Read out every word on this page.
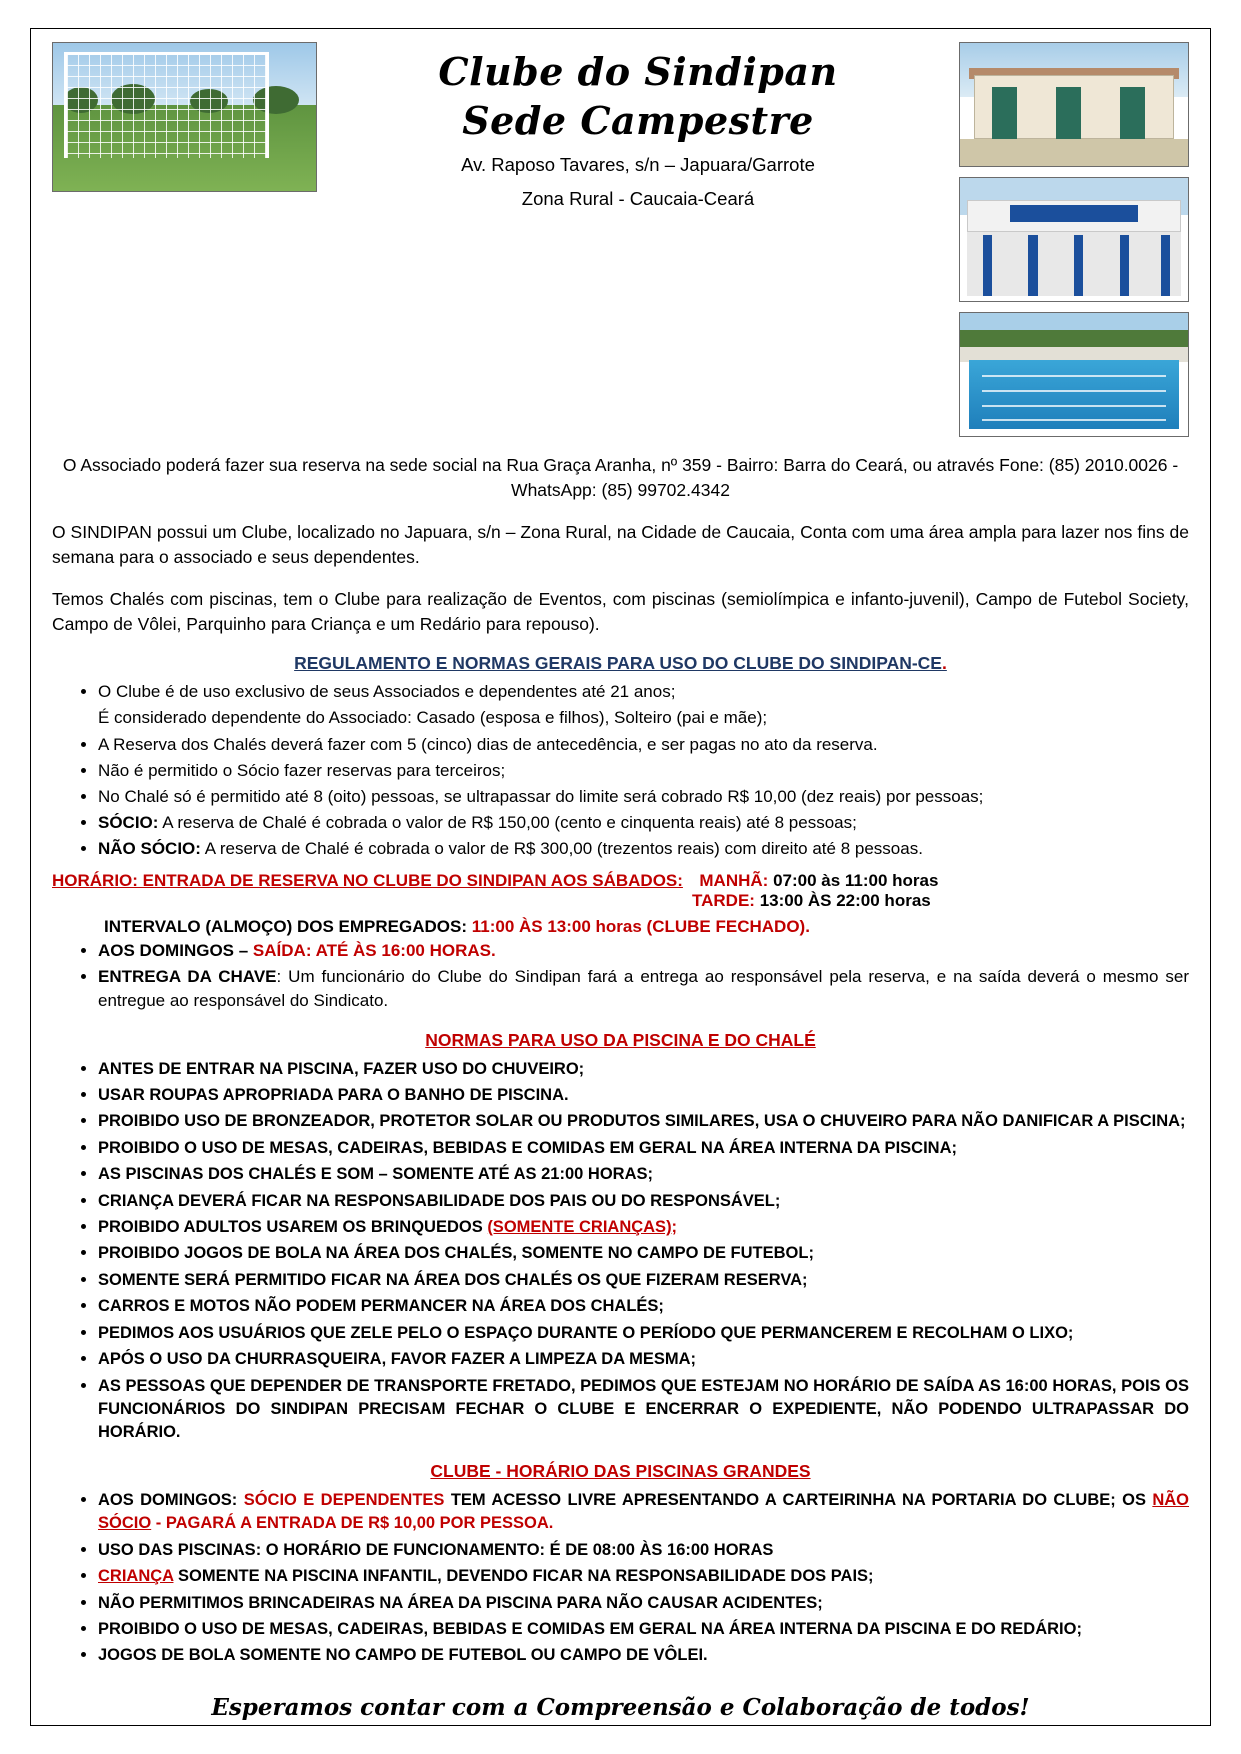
Clube do Sindipan
Sede Campestre
Av. Raposo Tavares, s/n – Japuara/Garrote
Zona Rural - Caucaia-Ceará

O Associado poderá fazer sua reserva na sede social na Rua Graça Aranha, nº 359 - Bairro: Barra do Ceará, ou através Fone: (85) 2010.0026 - WhatsApp: (85) 99702.4342

O SINDIPAN possui um Clube, localizado no Japuara, s/n – Zona Rural, na Cidade de Caucaia, Conta com uma área ampla para lazer nos fins de semana para o associado e seus dependentes.

Temos Chalés com piscinas, tem o Clube para realização de Eventos, com piscinas (semiolímpica e infanto-juvenil), Campo de Futebol Society, Campo de Vôlei, Parquinho para Criança e um Redário para repouso).

REGULAMENTO E NORMAS GERAIS PARA USO DO CLUBE DO SINDIPAN-CE.
• O Clube é de uso exclusivo de seus Associados e dependentes até 21 anos;
É considerado dependente do Associado: Casado (esposa e filhos), Solteiro (pai e mãe);
• A Reserva dos Chalés deverá fazer com 5 (cinco) dias de antecedência, e ser pagas no ato da reserva.
• Não é permitido o Sócio fazer reservas para terceiros;
• No Chalé só é permitido até 8 (oito) pessoas, se ultrapassar do limite será cobrado R$ 10,00 (dez reais) por pessoas;
• SÓCIO: A reserva de Chalé é cobrada o valor de R$ 150,00 (cento e cinquenta reais) até 8 pessoas;
• NÃO SÓCIO: A reserva de Chalé é cobrada o valor de R$ 300,00 (trezentos reais) com direito até 8 pessoas.
HORÁRIO: ENTRADA DE RESERVA NO CLUBE DO SINDIPAN AOS SÁBADOS: MANHÃ: 07:00 às 11:00 horas
TARDE: 13:00 ÀS 22:00 horas
INTERVALO (ALMOÇO) DOS EMPREGADOS: 11:00 ÀS 13:00 horas (CLUBE FECHADO).
• AOS DOMINGOS – SAÍDA: ATÉ ÀS 16:00 HORAS.
• ENTREGA DA CHAVE: Um funcionário do Clube do Sindipan fará a entrega ao responsável pela reserva, e na saída deverá o mesmo ser entregue ao responsável do Sindicato.
NORMAS PARA USO DA PISCINA E DO CHALÉ
• ANTES DE ENTRAR NA PISCINA, FAZER USO DO CHUVEIRO;
• USAR ROUPAS APROPRIADA PARA O BANHO DE PISCINA.
• PROIBIDO USO DE BRONZEADOR, PROTETOR SOLAR OU PRODUTOS SIMILARES, USA O CHUVEIRO PARA NÃO DANIFICAR A PISCINA;
• PROIBIDO O USO DE MESAS, CADEIRAS, BEBIDAS E COMIDAS EM GERAL NA ÁREA INTERNA DA PISCINA;
• AS PISCINAS DOS CHALÉS E SOM – SOMENTE ATÉ AS 21:00 HORAS;
• CRIANÇA DEVERÁ FICAR NA RESPONSABILIDADE DOS PAIS OU DO RESPONSÁVEL;
• PROIBIDO ADULTOS USAREM OS BRINQUEDOS (SOMENTE CRIANÇAS);
• PROIBIDO JOGOS DE BOLA NA ÁREA DOS CHALÉS, SOMENTE NO CAMPO DE FUTEBOL;
• SOMENTE SERÁ PERMITIDO FICAR NA ÁREA DOS CHALÉS OS QUE FIZERAM RESERVA;
• CARROS E MOTOS NÃO PODEM PERMANCER NA ÁREA DOS CHALÉS;
• PEDIMOS AOS USUÁRIOS QUE ZELE PELO O ESPAÇO DURANTE O PERÍODO QUE PERMANCEREM E RECOLHAM O LIXO;
• APÓS O USO DA CHURRASQUEIRA, FAVOR FAZER A LIMPEZA DA MESMA;
• AS PESSOAS QUE DEPENDER DE TRANSPORTE FRETADO, PEDIMOS QUE ESTEJAM NO HORÁRIO DE SAÍDA AS 16:00 HORAS, POIS OS FUNCIONÁRIOS DO SINDIPAN PRECISAM FECHAR O CLUBE E ENCERRAR O EXPEDIENTE, NÃO PODENDO ULTRAPASSAR DO HORÁRIO.
CLUBE - HORÁRIO DAS PISCINAS GRANDES
• AOS DOMINGOS: SÓCIO E DEPENDENTES TEM ACESSO LIVRE APRESENTANDO A CARTEIRINHA NA PORTARIA DO CLUBE; OS NÃO SÓCIO - PAGARÁ A ENTRADA DE R$ 10,00 POR PESSOA.
• USO DAS PISCINAS: O HORÁRIO DE FUNCIONAMENTO: É DE 08:00 ÀS 16:00 HORAS
• CRIANÇA SOMENTE NA PISCINA INFANTIL, DEVENDO FICAR NA RESPONSABILIDADE DOS PAIS;
• NÃO PERMITIMOS BRINCADEIRAS NA ÁREA DA PISCINA PARA NÃO CAUSAR ACIDENTES;
• PROIBIDO O USO DE MESAS, CADEIRAS, BEBIDAS E COMIDAS EM GERAL NA ÁREA INTERNA DA PISCINA E DO REDÁRIO;
• JOGOS DE BOLA SOMENTE NO CAMPO DE FUTEBOL OU CAMPO DE VÔLEI.
Esperamos contar com a Compreensão e Colaboração de todos!
